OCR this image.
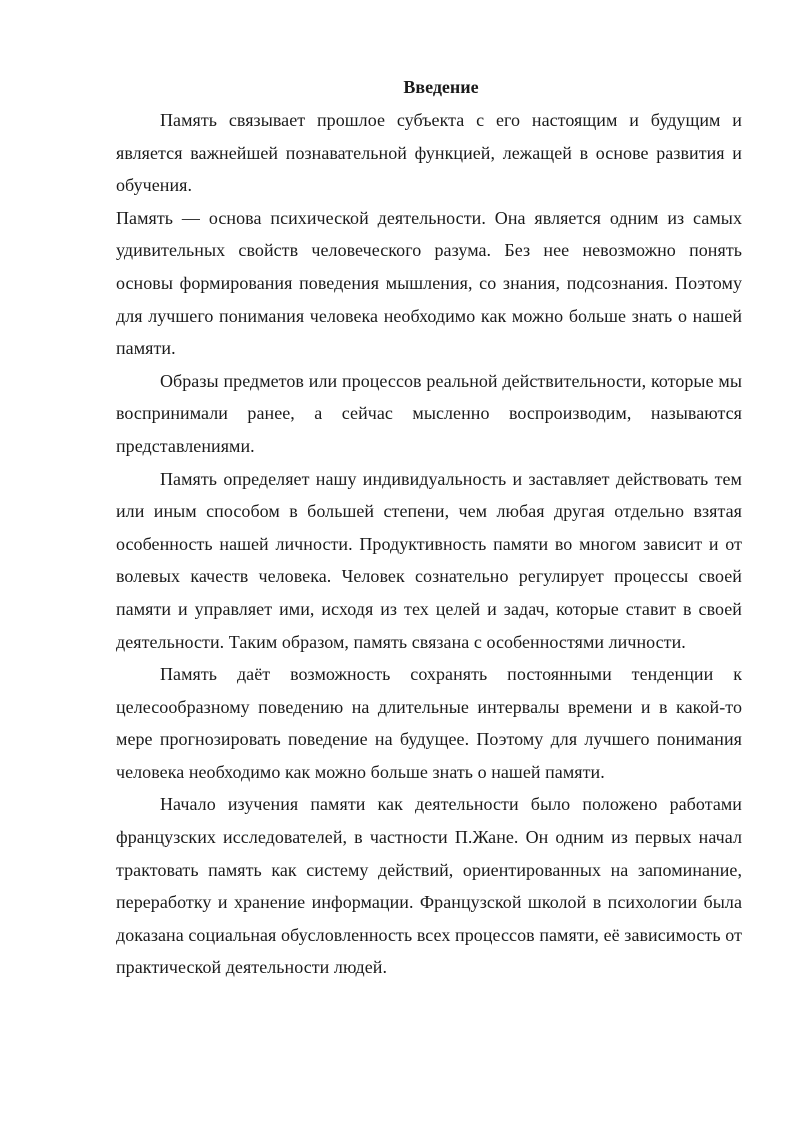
Введение

Память связывает прошлое субъекта с его настоящим и будущим и является важнейшей познавательной функцией, лежащей в основе развития и обучения.

Память — основа психической деятельности. Она является одним из самых удивительных свойств человеческого разума. Без нее невозможно понять основы формирования поведения мышления, со знания, подсознания. Поэтому для лучшего понимания человека необходимо как можно больше знать о нашей памяти.

Образы предметов или процессов реальной действительности, которые мы воспринимали ранее, а сейчас мысленно воспроизводим, называются представлениями.

Память определяет нашу индивидуальность и заставляет действовать тем или иным способом в большей степени, чем любая другая отдельно взятая особенность нашей личности. Продуктивность памяти во многом зависит и от волевых качеств человека. Человек сознательно регулирует процессы своей памяти и управляет ими, исходя из тех целей и задач, которые ставит в своей деятельности. Таким образом, память связана с особенностями личности.

Память даёт возможность сохранять постоянными тенденции к целесообразному поведению на длительные интервалы времени и в какой-то мере прогнозировать поведение на будущее. Поэтому для лучшего понимания человека необходимо как можно больше знать о нашей памяти.

Начало изучения памяти как деятельности было положено работами французских исследователей, в частности П.Жане. Он одним из первых начал трактовать память как систему действий, ориентированных на запоминание, переработку и хранение информации. Французской школой в психологии была доказана социальная обусловленность всех процессов памяти, её зависимость от практической деятельности людей.
